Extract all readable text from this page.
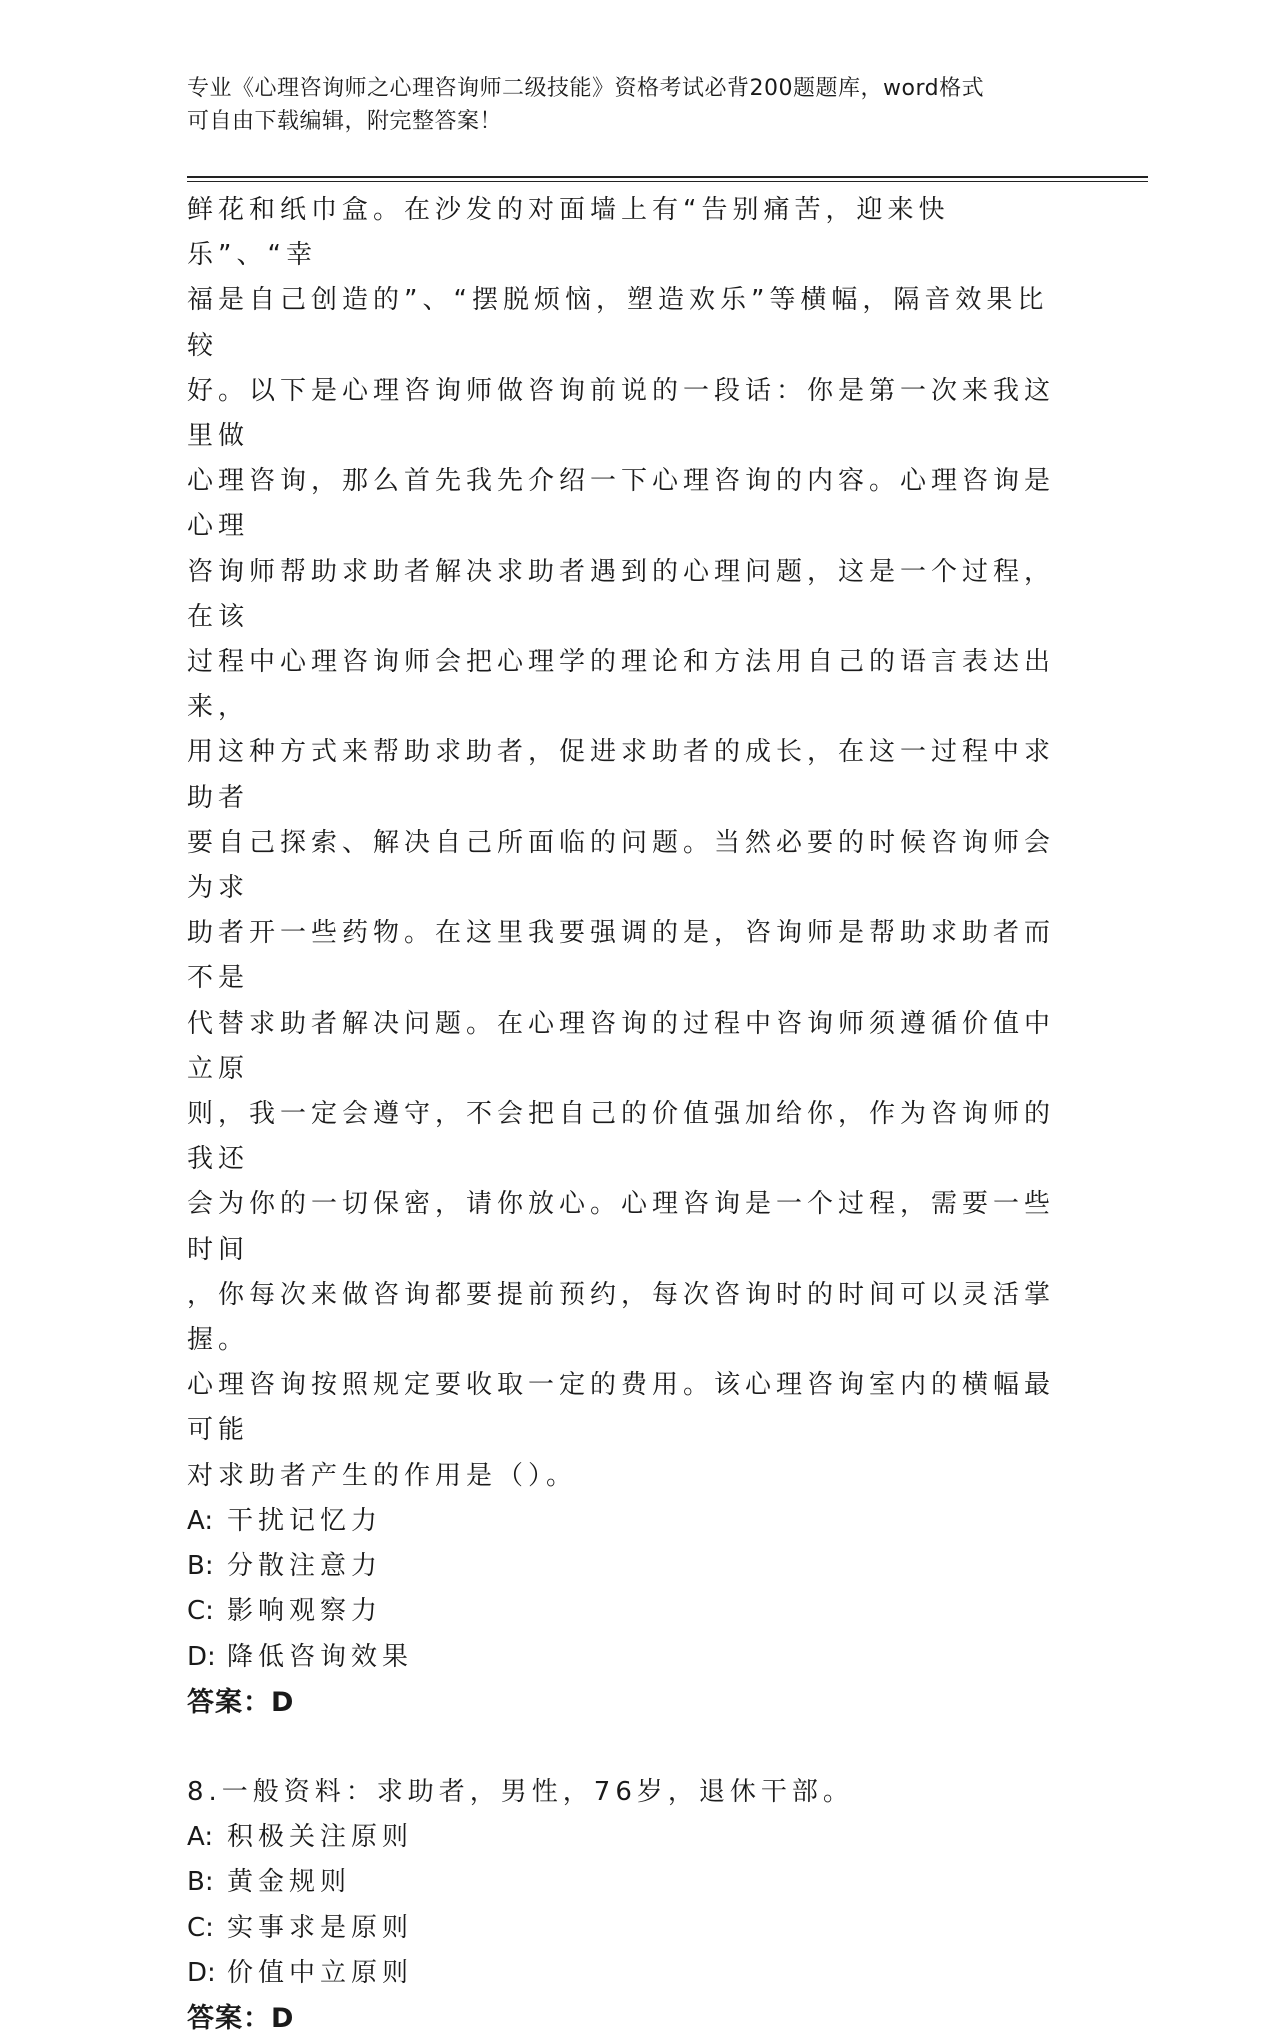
专业《心理咨询师之心理咨询师二级技能》资格考试必背200题题库，word格式
可自由下载编辑，附完整答案！

鲜花和纸巾盒。在沙发的对面墙上有“告别痛苦，迎来快乐”、“幸

福是自己创造的”、“摆脱烦恼，塑造欢乐”等横幅，隔音效果比较

好。以下是心理咨询师做咨询前说的一段话：你是第一次来我这里做

心理咨询，那么首先我先介绍一下心理咨询的内容。心理咨询是心理

咨询师帮助求助者解决求助者遇到的心理问题，这是一个过程，在该

过程中心理咨询师会把心理学的理论和方法用自己的语言表达出来，

用这种方式来帮助求助者，促进求助者的成长，在这一过程中求助者

要自己探索、解决自己所面临的问题。当然必要的时候咨询师会为求

助者开一些药物。在这里我要强调的是，咨询师是帮助求助者而不是

代替求助者解决问题。在心理咨询的过程中咨询师须遵循价值中立原

则，我一定会遵守，不会把自己的价值强加给你，作为咨询师的我还

会为你的一切保密，请你放心。心理咨询是一个过程，需要一些时间

，你每次来做咨询都要提前预约，每次咨询时的时间可以灵活掌握。

心理咨询按照规定要收取一定的费用。该心理咨询室内的横幅最可能

对求助者产生的作用是（）。

A: 干扰记忆力

B: 分散注意力

C: 影响观察力

D: 降低咨询效果

答案：D

8.一般资料：求助者，男性，76岁，退休干部。

A: 积极关注原则

B: 黄金规则

C: 实事求是原则

D: 价值中立原则

答案：D
